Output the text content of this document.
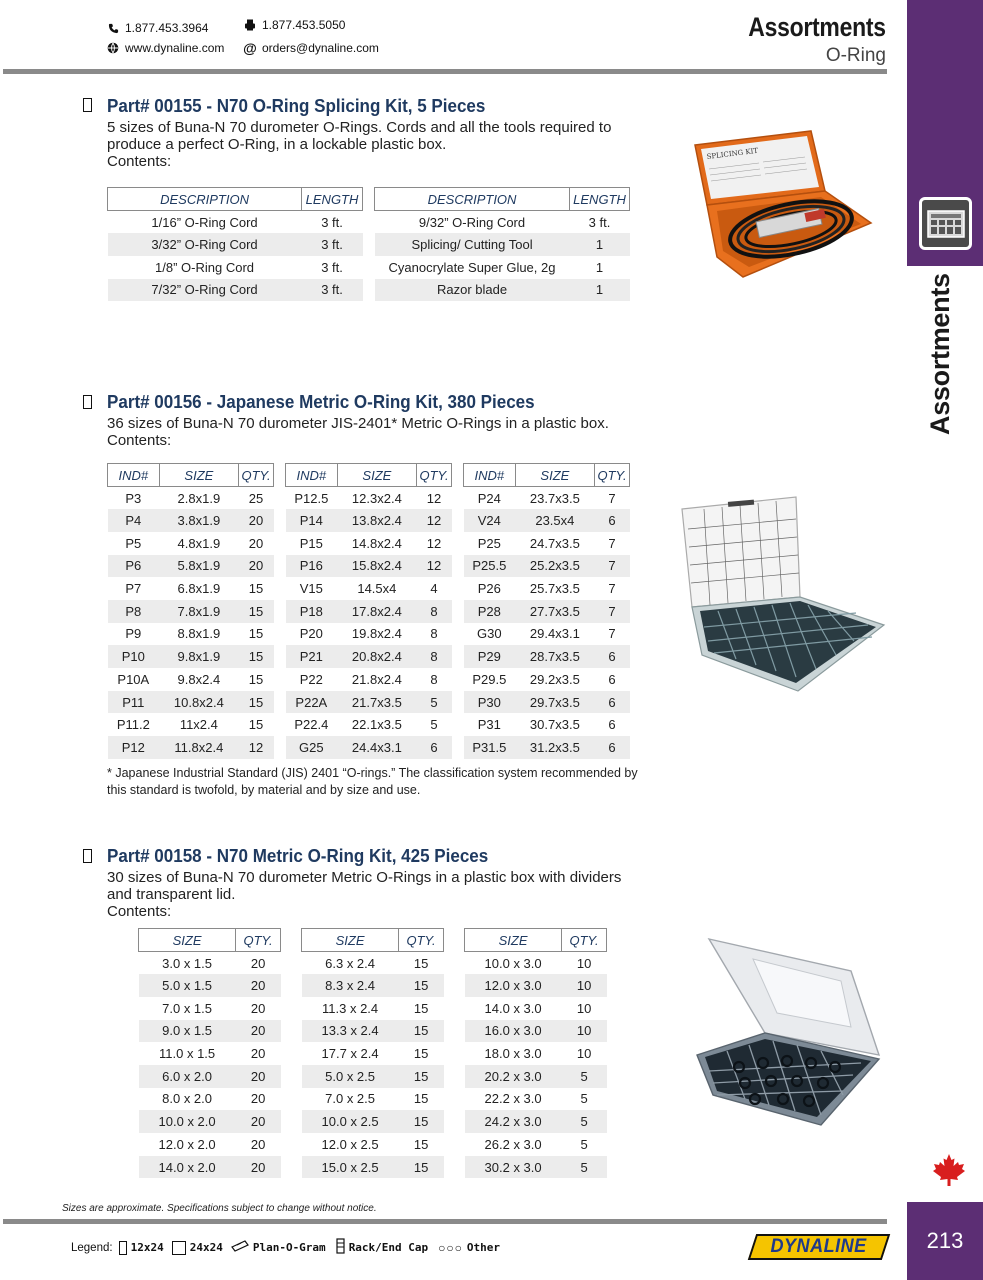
1.877.453.3964	1.877.453.5050
www.dynaline.com @ orders@dynaline.com
Assortments
O-Ring
Assortments
213
Part# 00155 - N70 O-Ring Splicing Kit, 5 Pieces
5 sizes of Buna-N 70 durometer O-Rings. Cords and all the tools required to produce a perfect O-Ring, in a lockable plastic box.
Contents:
DESCRIPTION	LENGTH
1/16” O-Ring Cord	3 ft.
3/32” O-Ring Cord	3 ft.
1/8” O-Ring Cord	3 ft.
7/32” O-Ring Cord	3 ft.
DESCRIPTION	LENGTH
9/32” O-Ring Cord	3 ft.
Splicing/ Cutting Tool	1
Cyanocrylate Super Glue, 2g	1
Razor blade	1
SPLICING KIT
Part# 00156 - Japanese Metric O-Ring Kit, 380 Pieces
36 sizes of Buna-N 70 durometer JIS-2401* Metric O-Rings in a plastic box. Contents:
IND#	SIZE	QTY.
P3	2.8x1.9	25
P4	3.8x1.9	20
P5	4.8x1.9	20
P6	5.8x1.9	20
P7	6.8x1.9	15
P8	7.8x1.9	15
P9	8.8x1.9	15
P10	9.8x1.9	15
P10A	9.8x2.4	15
P11	10.8x2.4	15
P11.2	11x2.4	15
P12	11.8x2.4	12
IND#	SIZE	QTY.
P12.5	12.3x2.4	12
P14	13.8x2.4	12
P15	14.8x2.4	12
P16	15.8x2.4	12
V15	14.5x4	4
P18	17.8x2.4	8
P20	19.8x2.4	8
P21	20.8x2.4	8
P22	21.8x2.4	8
P22A	21.7x3.5	5
P22.4	22.1x3.5	5
G25	24.4x3.1	6
IND#	SIZE	QTY.
P24	23.7x3.5	7
V24	23.5x4	6
P25	24.7x3.5	7
P25.5	25.2x3.5	7
P26	25.7x3.5	7
P28	27.7x3.5	7
G30	29.4x3.1	7
P29	28.7x3.5	6
P29.5	29.2x3.5	6
P30	29.7x3.5	6
P31	30.7x3.5	6
P31.5	31.2x3.5	6
* Japanese Industrial Standard (JIS) 2401 “O-rings.” The classification system recommended by this standard is twofold, by material and by size and use.
Part# 00158 - N70 Metric O-Ring Kit, 425 Pieces
30 sizes of Buna-N 70 durometer Metric O-Rings in a plastic box with dividers and transparent lid.
Contents:
SIZE	QTY.
3.0 x 1.5	20
5.0 x 1.5	20
7.0 x 1.5	20
9.0 x 1.5	20
11.0 x 1.5	20
6.0 x 2.0	20
8.0 x 2.0	20
10.0 x 2.0	20
12.0 x 2.0	20
14.0 x 2.0	20
SIZE	QTY.
6.3 x 2.4	15
8.3 x 2.4	15
11.3 x 2.4	15
13.3 x 2.4	15
17.7 x 2.4	15
5.0 x 2.5	15
7.0 x 2.5	15
10.0 x 2.5	15
12.0 x 2.5	15
15.0 x 2.5	15
SIZE	QTY.
10.0 x 3.0	10
12.0 x 3.0	10
14.0 x 3.0	10
16.0 x 3.0	10
18.0 x 3.0	10
20.2 x 3.0	5
22.2 x 3.0	5
24.2 x 3.0	5
26.2 x 3.0	5
30.2 x 3.0	5
Sizes are approximate. Specifications subject to change without notice.
Legend: 12x24 24x24	Plan-O-Gram Rack/End Cap ○○○ Other	DYNALINE
